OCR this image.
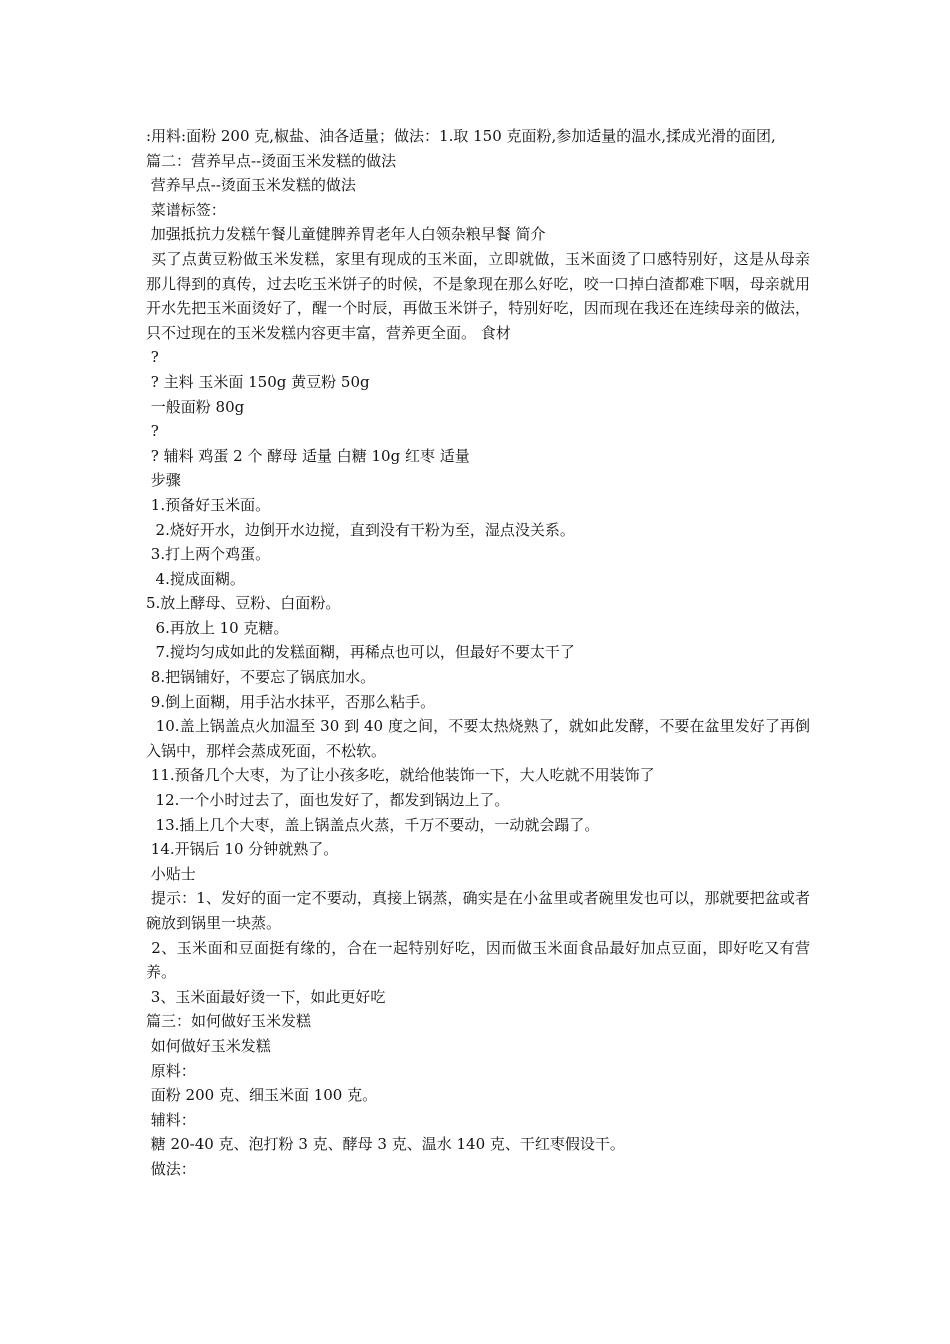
:用料:面粉 200 克,椒盐、油各适量；做法：1.取 150 克面粉,参加适量的温水,揉成光滑的面团,

篇二：营养早点--烫面玉米发糕的做法

营养早点--烫面玉米发糕的做法

菜谱标签：

加强抵抗力发糕午餐儿童健脾养胃老年人白领杂粮早餐 简介

买了点黄豆粉做玉米发糕，家里有现成的玉米面，立即就做，玉米面烫了口感特别好，这是从母亲那儿得到的真传，过去吃玉米饼子的时候，不是象现在那么好吃，咬一口掉白渣都难下咽，母亲就用开水先把玉米面烫好了，醒一个时辰，再做玉米饼子，特别好吃，因而现在我还在连续母亲的做法，只不过现在的玉米发糕内容更丰富，营养更全面。 食材

?

? 主料 玉米面 150g 黄豆粉 50g

一般面粉 80g

?

? 辅料 鸡蛋 2 个 酵母 适量 白糖 10g 红枣 适量

步骤

1.预备好玉米面。

2.烧好开水，边倒开水边搅，直到没有干粉为至，湿点没关系。

3.打上两个鸡蛋。

4.搅成面糊。

5.放上酵母、豆粉、白面粉。

6.再放上 10 克糖。

7.搅均匀成如此的发糕面糊，再稀点也可以，但最好不要太干了

8.把锅铺好，不要忘了锅底加水。

9.倒上面糊，用手沾水抹平，否那么粘手。

10.盖上锅盖点火加温至 30 到 40 度之间，不要太热烧熟了，就如此发酵，不要在盆里发好了再倒入锅中，那样会蒸成死面，不松软。

11.预备几个大枣，为了让小孩多吃，就给他装饰一下，大人吃就不用装饰了

12.一个小时过去了，面也发好了，都发到锅边上了。

13.插上几个大枣，盖上锅盖点火蒸，千万不要动，一动就会蹋了。

14.开锅后 10 分钟就熟了。

小贴士

提示：1、发好的面一定不要动，真接上锅蒸，确实是在小盆里或者碗里发也可以，那就要把盆或者碗放到锅里一块蒸。

2、玉米面和豆面挺有缘的，合在一起特别好吃，因而做玉米面食品最好加点豆面，即好吃又有营养。

3、玉米面最好烫一下，如此更好吃

篇三：如何做好玉米发糕

如何做好玉米发糕

原料：

面粉 200 克、细玉米面 100 克。

辅料：

糖 20-40 克、泡打粉 3 克、酵母 3 克、温水 140 克、干红枣假设干。

做法：
